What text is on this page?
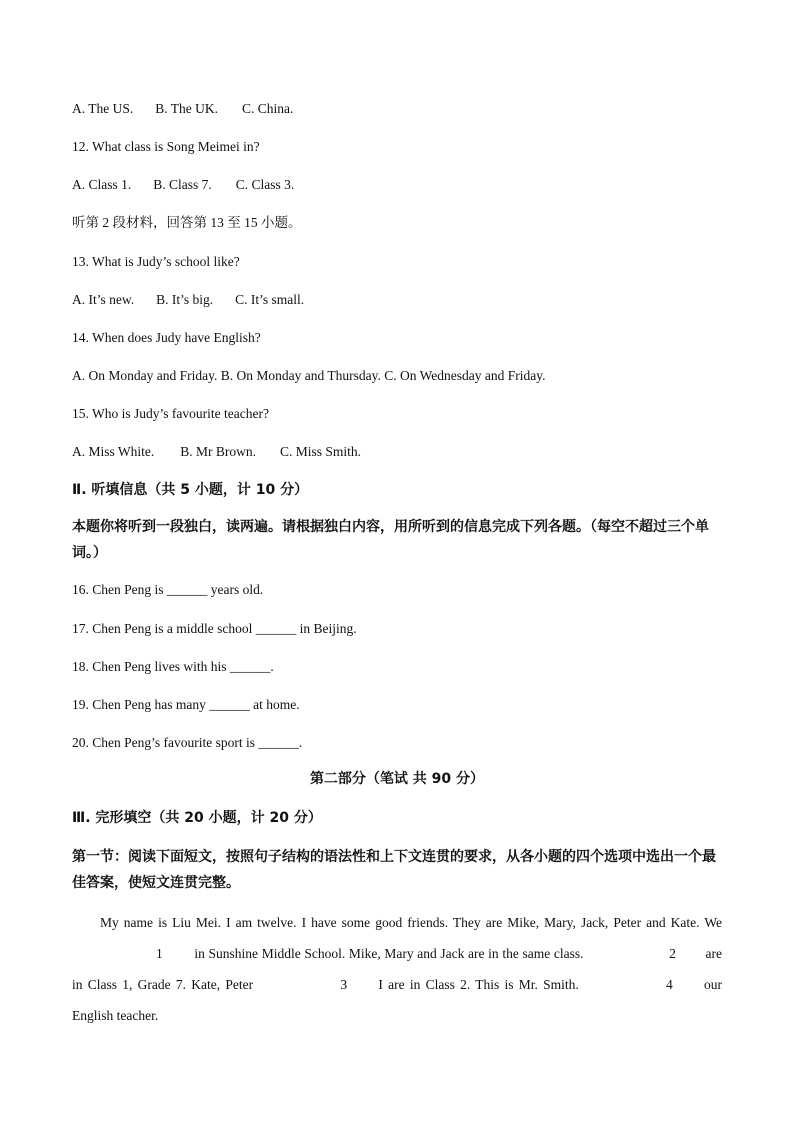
A. The US. B. The UK. C. China.
12. What class is Song Meimei in?
A. Class 1. B. Class 7. C. Class 3.
听第 2 段材料，回答第 13 至 15 小题。
13. What is Judy’s school like?
A. It’s new. B. It’s big. C. It’s small.
14. When does Judy have English?
A. On Monday and Friday. B. On Monday and Thursday. C. On Wednesday and Friday.
15. Who is Judy’s favourite teacher?
A. Miss White. B. Mr Brown. C. Miss Smith.
Ⅱ. 听填信息（共 5 小题，计 10 分）
本题你将听到一段独白，读两遍。请根据独白内容，用所听到的信息完成下列各题。（每空不超过三个单词。）
16. Chen Peng is ______ years old.
17. Chen Peng is a middle school ______ in Beijing.
18. Chen Peng lives with his ______.
19. Chen Peng has many ______ at home.
20. Chen Peng’s favourite sport is ______.
第二部分（笔试 共 90 分）
Ⅲ. 完形填空（共 20 小题，计 20 分）
第一节：阅读下面短文，按照句子结构的语法性和上下文连贯的要求，从各小题的四个选项中选出一个最佳答案，使短文连贯完整。
My name is Liu Mei. I am twelve. I have some good friends. They are Mike, Mary, Jack, Peter and Kate. We 1 in Sunshine Middle School. Mike, Mary and Jack are in the same class.	2 are in Class 1, Grade 7. Kate, Peter	3 I are in Class 2. This is Mr. Smith.	4 our English teacher.
